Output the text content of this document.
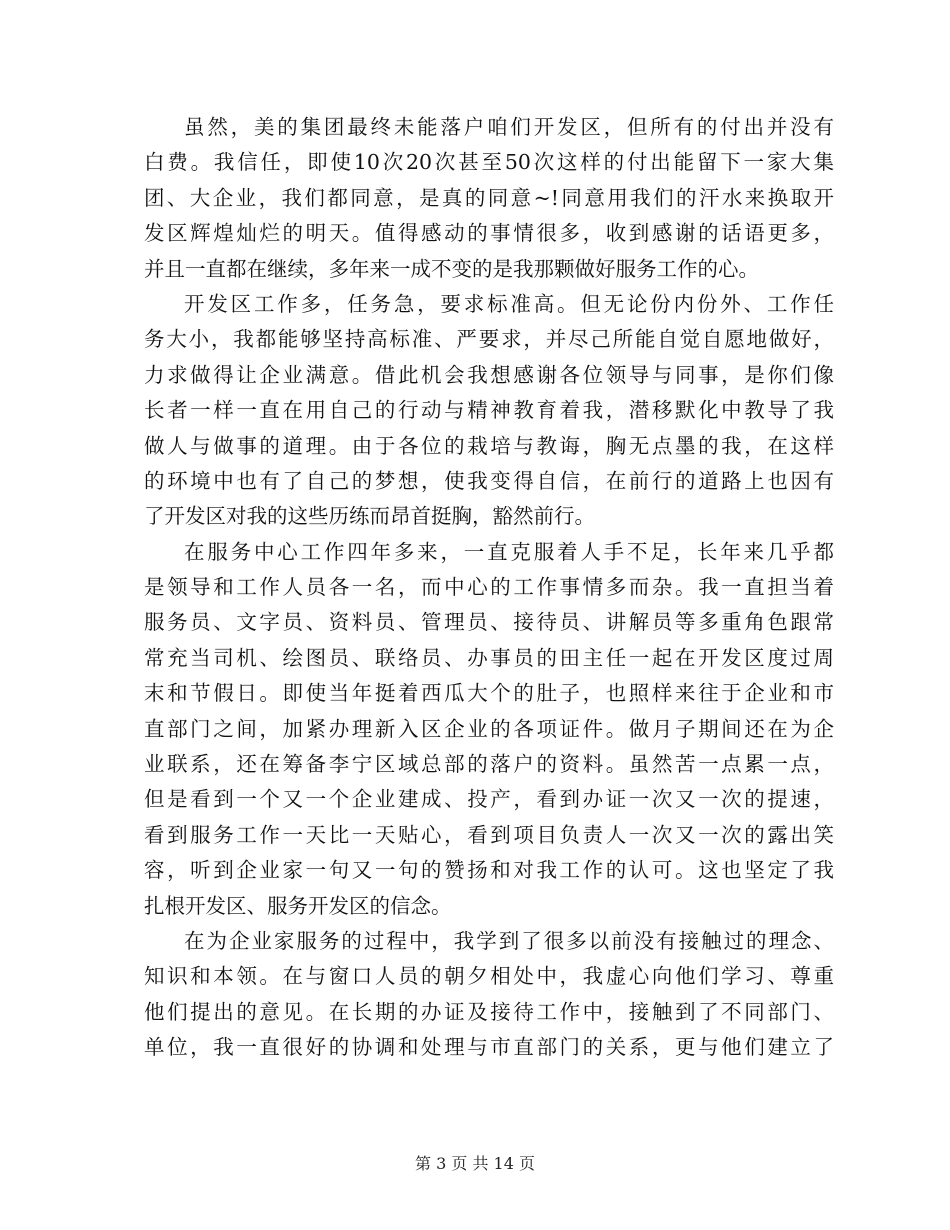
虽然，美的集团最终未能落户咱们开发区，但所有的付出并没有
白费。我信任，即使10次20次甚至50次这样的付出能留下一家大集
团、大企业，我们都同意，是真的同意~!同意用我们的汗水来换取开
发区辉煌灿烂的明天。值得感动的事情很多，收到感谢的话语更多，
并且一直都在继续，多年来一成不变的是我那颗做好服务工作的心。
开发区工作多，任务急，要求标准高。但无论份内份外、工作任
务大小，我都能够坚持高标准、严要求，并尽己所能自觉自愿地做好，
力求做得让企业满意。借此机会我想感谢各位领导与同事，是你们像
长者一样一直在用自己的行动与精神教育着我，潜移默化中教导了我
做人与做事的道理。由于各位的栽培与教诲，胸无点墨的我，在这样
的环境中也有了自己的梦想，使我变得自信，在前行的道路上也因有
了开发区对我的这些历练而昂首挺胸，豁然前行。
在服务中心工作四年多来，一直克服着人手不足，长年来几乎都
是领导和工作人员各一名，而中心的工作事情多而杂。我一直担当着
服务员、文字员、资料员、管理员、接待员、讲解员等多重角色跟常
常充当司机、绘图员、联络员、办事员的田主任一起在开发区度过周
末和节假日。即使当年挺着西瓜大个的肚子，也照样来往于企业和市
直部门之间，加紧办理新入区企业的各项证件。做月子期间还在为企
业联系，还在筹备李宁区域总部的落户的资料。虽然苦一点累一点，
但是看到一个又一个企业建成、投产，看到办证一次又一次的提速，
看到服务工作一天比一天贴心，看到项目负责人一次又一次的露出笑
容，听到企业家一句又一句的赞扬和对我工作的认可。这也坚定了我
扎根开发区、服务开发区的信念。
在为企业家服务的过程中，我学到了很多以前没有接触过的理念、
知识和本领。在与窗口人员的朝夕相处中，我虚心向他们学习、尊重
他们提出的意见。在长期的办证及接待工作中，接触到了不同部门、
单位，我一直很好的协调和处理与市直部门的关系，更与他们建立了
第 3 页 共 14 页
